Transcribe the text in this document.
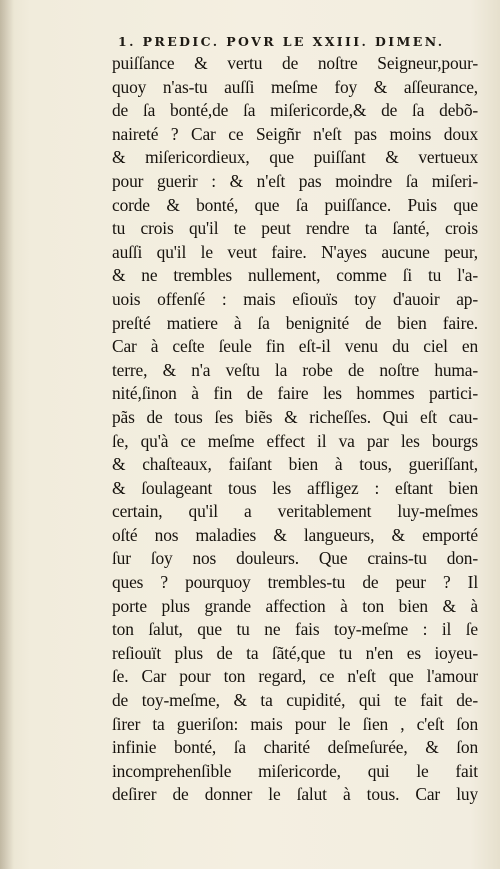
1. PREDIC. POVR LE XXIII. DIMEN.
puiſſance & vertu de noſtre Seigneur,pour-
quoy n'as-tu auſſi meſme foy & aſſeurance,
de ſa bonté,de ſa miſericorde,& de ſa debõ-
naireté ? Car ce Seigñr n'eſt pas moins doux
& miſericordieux, que puiſſant & vertueux
pour guerir : & n'eſt pas moindre ſa miſeri-
corde & bonté, que ſa puiſſance. Puis que
tu crois qu'il te peut rendre ta ſanté, crois
auſſi qu'il le veut faire. N'ayes aucune peur,
& ne trembles nullement, comme ſi tu l'a-
uois offenſé : mais eſiouïs toy d'auoir ap-
preſté matiere à ſa benignité de bien faire.
Car à ceſte ſeule fin eſt-il venu du ciel en
terre, & n'a veſtu la robe de noſtre huma-
nité,ſinon à fin de faire les hommes partici-
pãs de tous ſes biẽs & richeſſes. Qui eſt cau-
ſe, qu'à ce meſme effect il va par les bourgs
& chaſteaux, faiſant bien à tous, gueriſſant,
& ſoulageant tous les affligez : eſtant bien
certain, qu'il a veritablement luy-meſmes
oſté nos maladies & langueurs, & emporté
ſur ſoy nos douleurs. Que crains-tu don-
ques ? pourquoy trembles-tu de peur ? Il
porte plus grande affection à ton bien & à
ton ſalut, que tu ne fais toy-meſme : il ſe
reſiouït plus de ta ſãté,que tu n'en es ioyeu-
ſe. Car pour ton regard, ce n'eſt que l'amour
de toy-meſme, & ta cupidité, qui te fait de-
ſirer ta gueriſon: mais pour le ſien , c'eſt ſon
infinie bonté, ſa charité deſmeſurée, & ſon
incomprehenſible miſericorde, qui le fait
deſirer de donner le ſalut à tous. Car luy
